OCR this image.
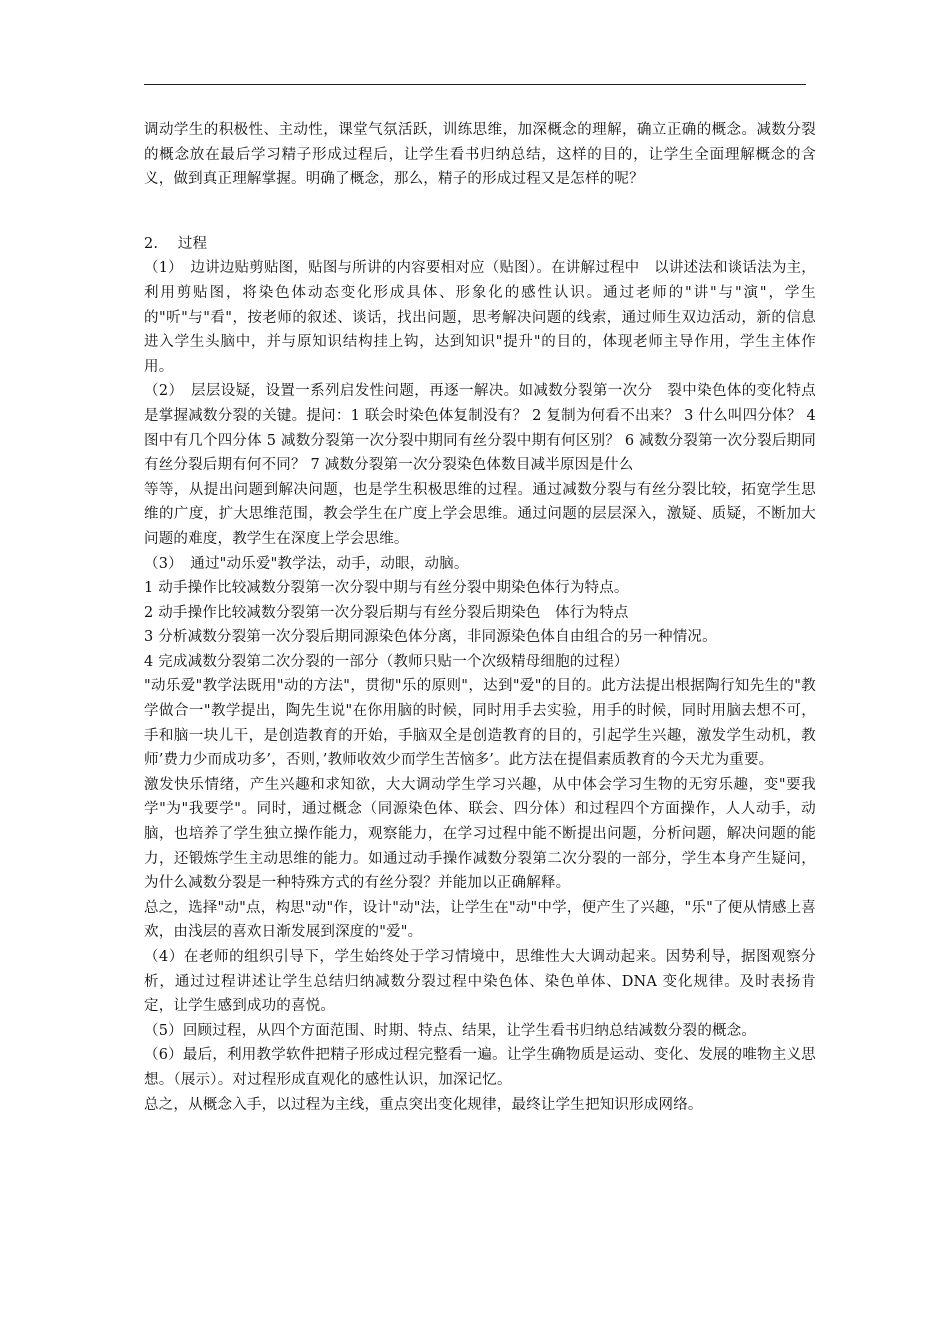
调动学生的积极性、主动性，课堂气氛活跃，训练思维，加深概念的理解，确立正确的概念。减数分裂的概念放在最后学习精子形成过程后，让学生看书归纳总结，这样的目的，让学生全面理解概念的含义，做到真正理解掌握。明确了概念，那么，精子的形成过程又是怎样的呢？

2.　 过程

（1）　边讲边贴剪贴图，贴图与所讲的内容要相对应（贴图）。在讲解过程中　以讲述法和谈话法为主，利用剪贴图，将染色体动态变化形成具体、形象化的感性认识。通过老师的"讲"与"演"，学生的"听"与"看"，按老师的叙述、谈话，找出问题，思考解决问题的线索，通过师生双边活动，新的信息进入学生头脑中，并与原知识结构挂上钩，达到知识"提升"的目的，体现老师主导作用，学生主体作用。

（2）　层层设疑，设置一系列启发性问题，再逐一解决。如减数分裂第一次分　裂中染色体的变化特点是掌握减数分裂的关键。提问：1 联会时染色体复制没有？ 2 复制为何看不出来？ 3 什么叫四分体？ 4 图中有几个四分体 5 减数分裂第一次分裂中期同有丝分裂中期有何区别？ 6 减数分裂第一次分裂后期同有丝分裂后期有何不同？ 7 减数分裂第一次分裂染色体数目减半原因是什么

等等，从提出问题到解决问题，也是学生积极思维的过程。通过减数分裂与有丝分裂比较，拓宽学生思维的广度，扩大思维范围，教会学生在广度上学会思维。通过问题的层层深入，激疑、质疑，不断加大问题的难度，教学生在深度上学会思维。

（3）　通过"动乐爱"教学法，动手，动眼，动脑。

1 动手操作比较减数分裂第一次分裂中期与有丝分裂中期染色体行为特点。

2 动手操作比较减数分裂第一次分裂后期与有丝分裂后期染色　体行为特点

3 分析减数分裂第一次分裂后期同源染色体分离，非同源染色体自由组合的另一种情况。

4 完成减数分裂第二次分裂的一部分（教师只贴一个次级精母细胞的过程）

"动乐爱"教学法既用"动的方法"，贯彻"乐的原则"，达到"爱"的目的。此方法提出根据陶行知先生的"教学做合一"教学提出，陶先生说"在你用脑的时候，同时用手去实验，用手的时候，同时用脑去想不可，手和脑一块儿干，是创造教育的开始，手脑双全是创造教育的目的，引起学生兴趣，激发学生动机，教师’费力少而成功多’，否则，’教师收效少而学生苦恼多’。此方法在提倡素质教育的今天尤为重要。

激发快乐情绪，产生兴趣和求知欲，大大调动学生学习兴趣，从中体会学习生物的无穷乐趣，变"要我学"为"我要学"。同时，通过概念（同源染色体、联会、四分体）和过程四个方面操作，人人动手，动脑，也培养了学生独立操作能力，观察能力，在学习过程中能不断提出问题，分析问题，解决问题的能力，还锻炼学生主动思维的能力。如通过动手操作减数分裂第二次分裂的一部分，学生本身产生疑问，为什么减数分裂是一种特殊方式的有丝分裂？并能加以正确解释。

总之，选择"动"点，构思"动"作，设计"动"法，让学生在"动"中学，便产生了兴趣，"乐"了便从情感上喜欢，由浅层的喜欢日渐发展到深度的"爱"。

（4）在老师的组织引导下，学生始终处于学习情境中，思维性大大调动起来。因势利导，据图观察分析，通过过程讲述让学生总结归纳减数分裂过程中染色体、染色单体、DNA 变化规律。及时表扬肯定，让学生感到成功的喜悦。

（5）回顾过程，从四个方面范围、时期、特点、结果，让学生看书归纳总结减数分裂的概念。

（6）最后，利用教学软件把精子形成过程完整看一遍。让学生确物质是运动、变化、发展的唯物主义思想。（展示）。对过程形成直观化的感性认识，加深记忆。

总之，从概念入手，以过程为主线，重点突出变化规律，最终让学生把知识形成网络。
